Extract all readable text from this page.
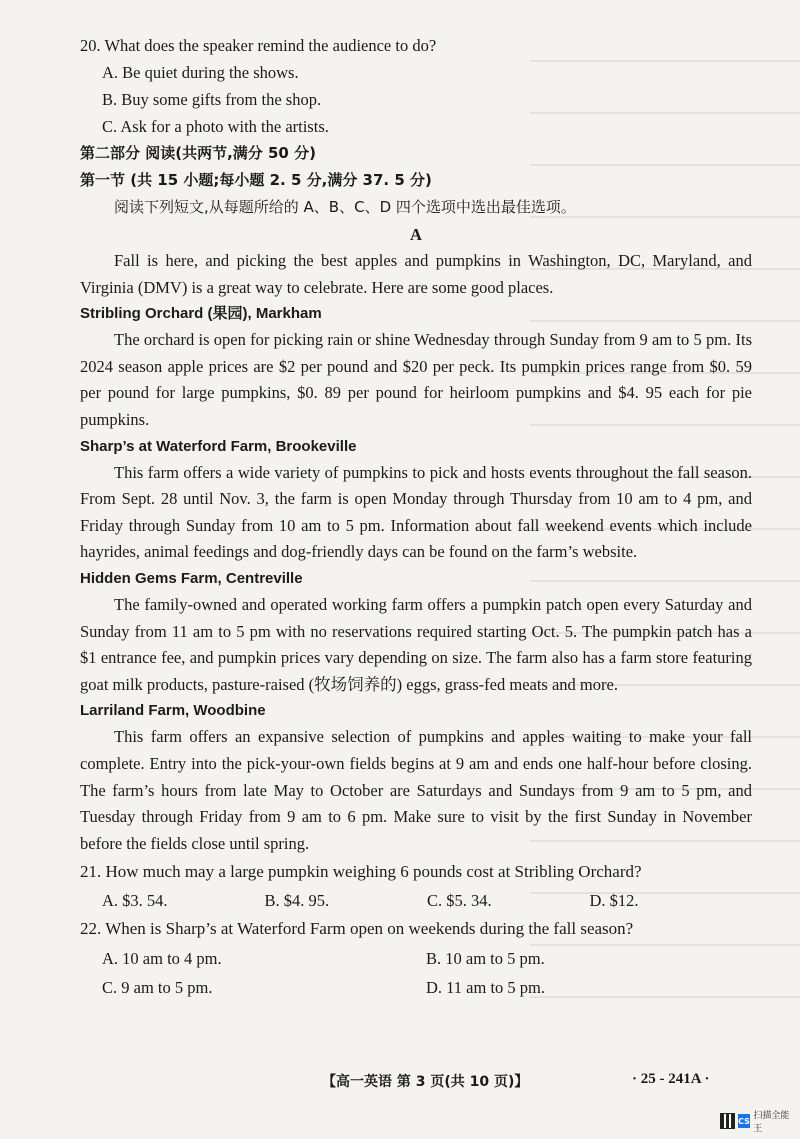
20. What does the speaker remind the audience to do?

A. Be quiet during the shows.

B. Buy some gifts from the shop.

C. Ask for a photo with the artists.

第二部分 阅读(共两节,满分 50 分)

第一节 (共 15 小题;每小题 2. 5 分,满分 37. 5 分)

阅读下列短文,从每题所给的 A、B、C、D 四个选项中选出最佳选项。

A

Fall is here, and picking the best apples and pumpkins in Washington, DC, Maryland, and Virginia (DMV) is a great way to celebrate. Here are some good places.

Stribling Orchard (果园), Markham

The orchard is open for picking rain or shine Wednesday through Sunday from 9 am to 5 pm. Its 2024 season apple prices are $2 per pound and $20 per peck. Its pumpkin prices range from $0. 59 per pound for large pumpkins, $0. 89 per pound for heirloom pumpkins and $4. 95 each for pie pumpkins.

Sharp’s at Waterford Farm, Brookeville

This farm offers a wide variety of pumpkins to pick and hosts events throughout the fall season. From Sept. 28 until Nov. 3, the farm is open Monday through Thursday from 10 am to 4 pm, and Friday through Sunday from 10 am to 5 pm. Information about fall weekend events which include hayrides, animal feedings and dog-friendly days can be found on the farm’s website.

Hidden Gems Farm, Centreville

The family-owned and operated working farm offers a pumpkin patch open every Saturday and Sunday from 11 am to 5 pm with no reservations required starting Oct. 5. The pumpkin patch has a $1 entrance fee, and pumpkin prices vary depending on size. The farm also has a farm store featuring goat milk products, pasture-raised (牧场饲养的) eggs, grass-fed meats and more.

Larriland Farm, Woodbine

This farm offers an expansive selection of pumpkins and apples waiting to make your fall complete. Entry into the pick-your-own fields begins at 9 am and ends one half-hour before closing. The farm’s hours from late May to October are Saturdays and Sundays from 9 am to 5 pm, and Tuesday through Friday from 9 am to 6 pm. Make sure to visit by the first Sunday in November before the fields close until spring.

21. How much may a large pumpkin weighing 6 pounds cost at Stribling Orchard?

A. $3. 54.	B. $4. 95.	C. $5. 34.	D. $12.

22. When is Sharp’s at Waterford Farm open on weekends during the fall season?

A. 10 am to 4 pm.	B. 10 am to 5 pm.
C. 9 am to 5 pm.	D. 11 am to 5 pm.
【高一英语 第 3 页(共 10 页)】	· 25 - 241A ·
CS 扫描全能王
